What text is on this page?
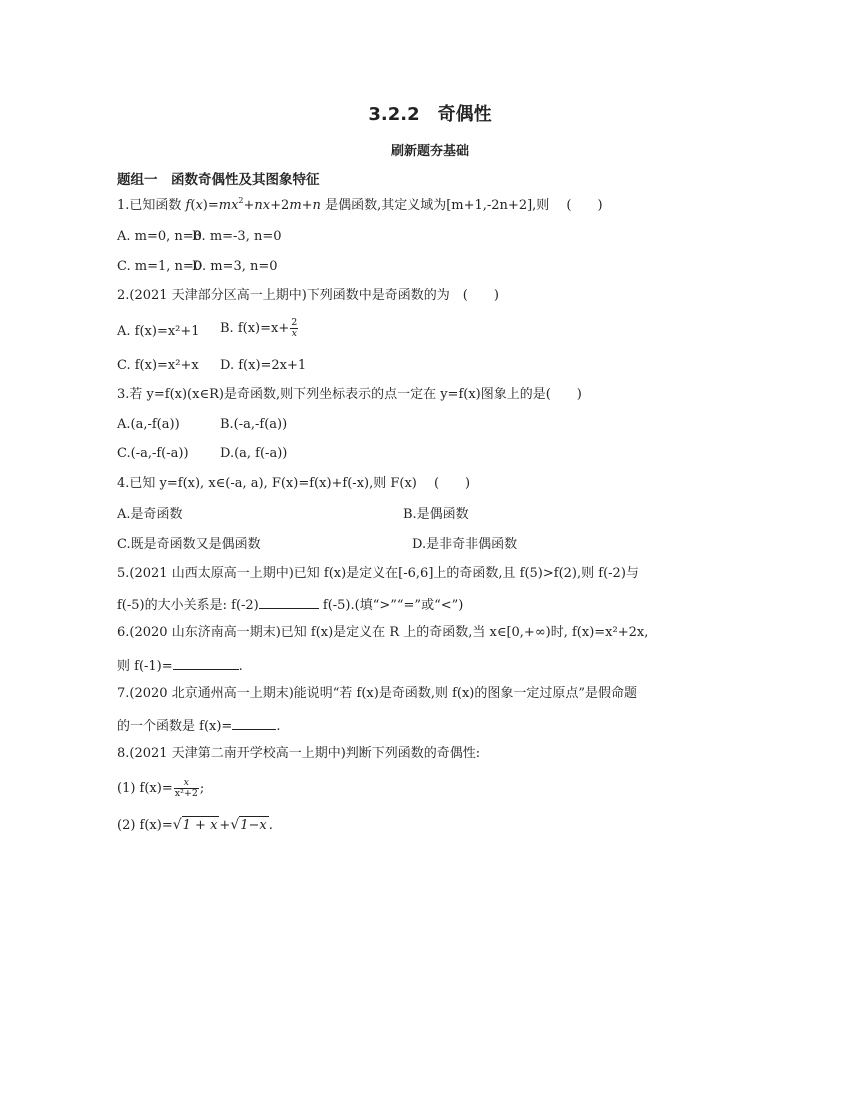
3.2.2　奇偶性
刷新题夯基础
题组一　函数奇偶性及其图象特征
1.已知函数 $f(x)=mx^2+nx+2m+n$ 是偶函数,其定义域为[m+1,-2n+2],则　 (　　)
A. m=0, n=0
B. m=-3, n=0
C. m=1, n=0
D. m=3, n=0
2.(2021 天津部分区高一上期中)下列函数中是奇函数的为　(　　)
A. f(x)=x²+1 B. $f(x)=x+ \frac{2}{x}$
C. f(x)=x²+x D. f(x)=2x+1
3.若 y=f(x)(x∈R)是奇函数,则下列坐标表示的点一定在 y=f(x)图象上的是(　　)
A.(a,-f(a))	B.(-a,-f(a))
C.(-a,-f(-a)) D.(a, f(-a))
4.已知 y=f(x), x∈(-a, a), F(x)=f(x)+f(-x),则 F(x)　 (　　)
A.是奇函数	B.是偶函数
C.既是奇函数又是偶函数	D.是非奇非偶函数
5.(2021 山西太原高一上期中)已知 f(x)是定义在[-6,6]上的奇函数,且 f(5)>f(2),则 f(-2)与
f(-5)的大小关系是: f(-2)	f(-5).(填“>”“=”或“<”)
6.(2020 山东济南高一期末)已知 f(x)是定义在 R 上的奇函数,当 x∈[0,+∞)时, f(x)=x²+2x,
则 f(-1)=	.
7.(2020 北京通州高一上期末)能说明“若 f(x)是奇函数,则 f(x)的图象一定过原点”是假命题
的一个函数是 f(x)=	.
8.(2021 天津第二南开学校高一上期中)判断下列函数的奇偶性:
(1) $f(x)= \frac{x}{\text{x²+2}}$ ;
(2) f(x)=√1 + x +√1−x .
